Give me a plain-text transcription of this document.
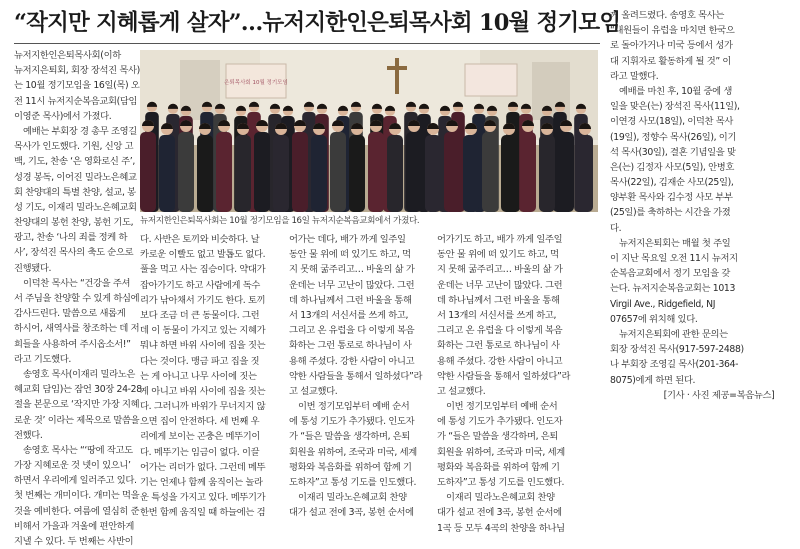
“작지만 지혜롭게 살자”…뉴저지한인은퇴목사회 10월 정기모임

뉴저지한인은퇴목사회(이하

뉴저지은퇴회, 회장 장석진 목사)

는 10월 정기모임을 16일(목) 오

전 11시 뉴저지순복음교회(담임

이영준 목사)에서 가졌다.

　예배는 부회장 경 총무 조영길

목사가 인도했다. 기원, 신앙 고

백, 기도, 찬송 ‘은 영화로신 주’,

성경 봉독, 이어진 밀라노은혜교

회 찬양대의 특별 찬양, 설교, 봉

성 기도, 이재리 밀라노은혜교회

찬양대의 봉헌 찬양, 봉헌 기도,

광고, 찬송 ‘나의 죄를 정케 하

사’, 장석진 목사의 축도 순으로

진행됐다.

　이덕찬 목사는 “건강을 주셔

서 주님을 찬양할 수 있게 하심에

감사드린다. 말씀으로 새롭게

하시어, 새역사를 창조하는 데 저

희들을 사용하여 주시옵소서!”

라고 기도했다.

　송영호 목사(이재리 밀라노은

혜교회 담임)는 잠언 30장 24-28

절을 본문으로 ‘작지만 가장 지혜

로운 것’ 이라는 제목으로 말씀을

전했다.

　송영호 목사는 “‘땅에 작고도

가장 지혜로운 것 넷이 있으니’

하면서 우리에게 일러주고 있다.

첫 번째는 개미이다. 개미는 먹을

것을 예비한다. 여름에 열심히 준

비해서 가을과 겨울에 편안하게

지낼 수 있다. 두 번째는 사반이

은퇴목사회 10월 정기모임
뉴저지한인은퇴목사회는 10월 정기모임을 16일 뉴저지순복음교회에서 가졌다.

다. 사반은 토끼와 비슷하다. 날

카로운 이빨도 없고 발톱도 없다.

풀을 먹고 사는 짐승이다. 약대가

잡아가기도 하고 사람에게 독수

리가 낚아채서 가기도 한다. 토끼

보다 조금 더 큰 동물이다. 그런

데 이 동물이 가지고 있는 지혜가

뭐냐 하면 바위 사이에 집을 짓는

다는 것이다. 맹금 파고 집을 짓

는 게 아니고 나무 사이에 짓는

게 아니고 바위 사이에 집을 짓는

다. 그러니까 바위가 무너지지 않

으면 집이 안전하다. 세 번째 우

리에게 보이는 곤충은 메뚜기이

다. 메뚜기는 임금이 없다. 이끌

어가는 리더가 없다. 그런데 메뚜

기는 언제나 함께 움직이는 놀라

운 특성을 가지고 있다. 메뚜기가

한번 함께 움직일 때 하늘에는 검

어가는 데다, 배가 까게 일주일

동안 물 위에 떠 있기도 하고, 먹

지 못해 굶주리고… 바울의 삶 가

운데는 너무 고난이 많았다. 그런

데 하나님께서 그런 바울을 통해

서 13개의 서신서를 쓰게 하고,

그리고 온 유럽을 다 이렇게 복음

화하는 그런 통로로 하나님이 사

용해 주셨다. 강한 사람이 아니고

약한 사람들을 통해서 일하셨다”라

고 설교했다.

　이번 정기모임부터 예배 순서

에 통성 기도가 추가됐다. 인도자

가 “들은 말씀을 생각하며, 은퇴

회원을 위하여, 조국과 미국, 세계

평화와 복음화를 위하여 함께 기

도하자”고 통성 기도를 인도했다.

　이재리 밀라노은혜교회 찬양

대가 설교 전에 3곡, 봉헌 순서에

어가기도 하고, 배가 까게 일주일

동안 물 위에 떠 있기도 하고, 먹

지 못해 굶주리고… 바울의 삶 가

운데는 너무 고난이 많았다. 그런

데 하나님께서 그런 바울을 통해

서 13개의 서신서를 쓰게 하고,

그리고 온 유럽을 다 이렇게 복음

화하는 그런 통로로 하나님이 사

용해 주셨다. 강한 사람이 아니고

약한 사람들을 통해서 일하셨다”라

고 설교했다.

　이번 정기모임부터 예배 순서

에 통성 기도가 추가됐다. 인도자

가 “들은 말씀을 생각하며, 은퇴

회원을 위하여, 조국과 미국, 세계

평화와 복음화를 위하여 함께 기

도하자”고 통성 기도를 인도했다.

　이재리 밀라노은혜교회 찬양

대가 설교 전에 3곡, 봉헌 순서에

1곡 등 모두 4곡의 찬양을 하나님

께 올려드렸다. 송영호 목사는

“내원들이 유럽을 마치면 한국으

로 돌아가거나 미국 등에서 성가

대 지휘자로 활동하게 될 것” 이

라고 말했다.

　예배를 마친 후, 10월 중에 생

일을 맞은(는) 장석진 목사(11일),

이연경 사모(18일), 이덕찬 목사

(19일), 정향수 목사(26일), 이기

석 목사(30일), 결혼 기념일을 맞

은(는) 김정자 사모(5일), 안병호

목사(22일), 김재순 사모(25일),

양부환 목사와 김수정 사모 부부

(25일)를 축하하는 시간을 가졌

다.

　뉴저지은퇴회는 매월 첫 주일

이 지난 목요일 오전 11시 뉴저지

순복음교회에서 정기 모임을 갖

는다. 뉴저지순복음교회는 1013

Virgil Ave., Ridgefield, NJ

07657에 위치해 있다.

　뉴저지은퇴회에 관한 문의는

회장 장석진 목사(917-597-2488)

나 부회장 조영길 목사(201-364-

8075)에게 하면 된다.

　　　　　　[기사 · 사진 제공=복음뉴스]
